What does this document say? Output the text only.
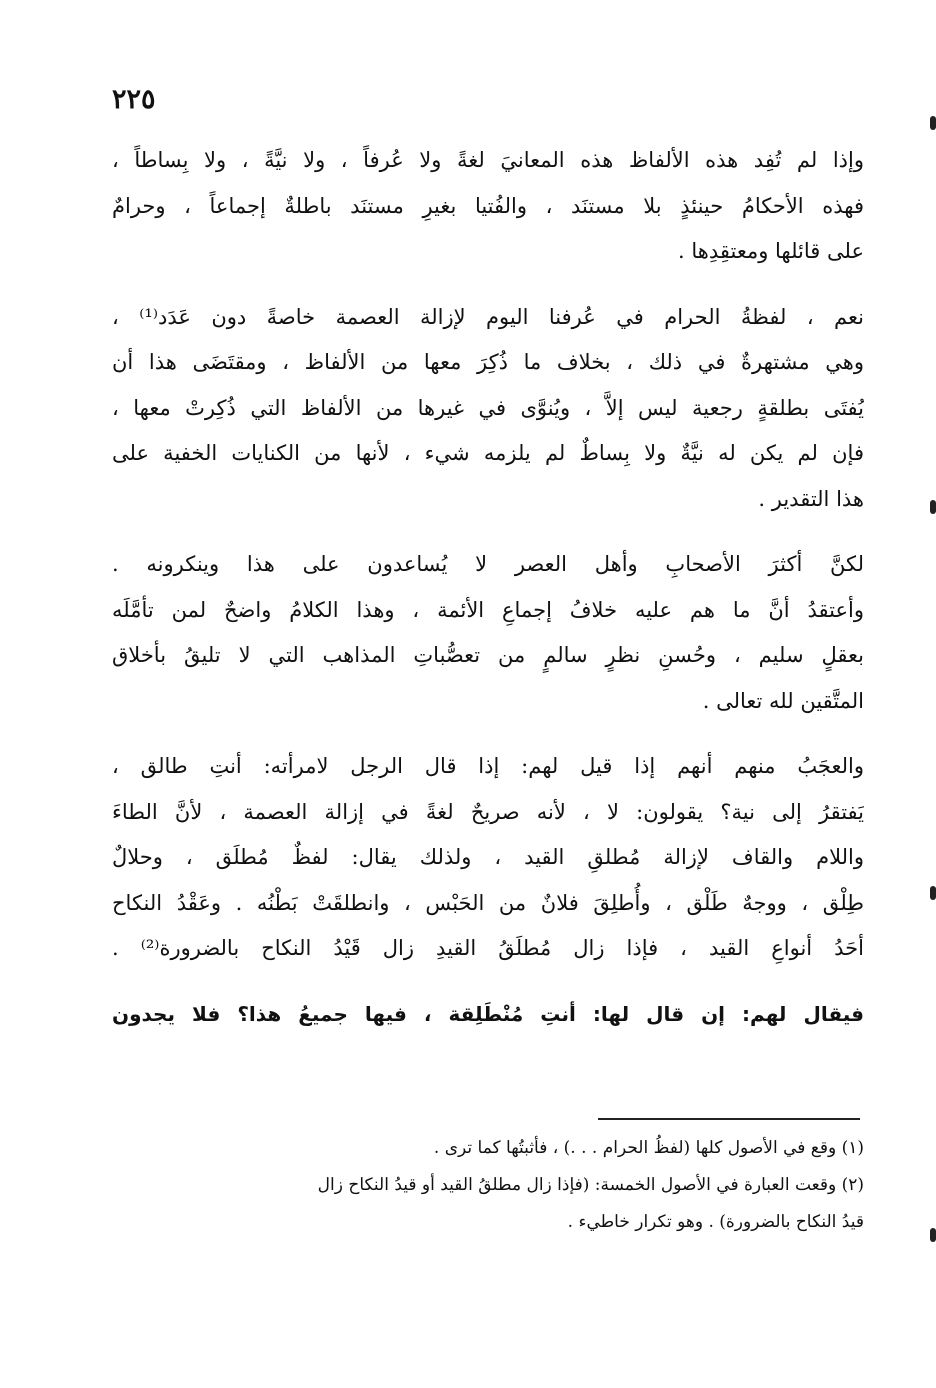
٢٢٥
وإذا لم تُفِد هذه الألفاظ هذه المعانيَ لغةً ولا عُرفاً ، ولا نيَّةً ، ولا بِساطاً ،
فهذه الأحكامُ حينئذٍ بلا مستنَد ، والفُتيا بغيرِ مستنَد باطلةٌ إجماعاً ، وحرامٌ
على قائلها ومعتقِدِها .
نعم ، لفظةُ الحرام في عُرفنا اليوم لإزالة العصمة خاصةً دون عَدَد⁽¹⁾ ،
وهي مشتهرةٌ في ذلك ، بخلاف ما ذُكِرَ معها من الألفاظ ، ومقتَضَى هذا أن
يُفتَى بطلقةٍ رجعية ليس إلاَّ ، ويُنوَّى في غيرها من الألفاظ التي ذُكِرتْ معها ،
فإن لم يكن له نيَّةٌ ولا بِساطٌ لم يلزمه شيء ، لأنها من الكنايات الخفية على
هذا التقدير .
لكنَّ أكثرَ الأصحابِ وأهل العصر لا يُساعدون على هذا وينكرونه .
وأعتقدُ أنَّ ما هم عليه خلافُ إجماعِ الأئمة ، وهذا الكلامُ واضحٌ لمن تأمَّلَه
بعقلٍ سليم ، وحُسنِ نظرٍ سالمٍ من تعصُّباتِ المذاهب التي لا تليقُ بأخلاق
المتَّقين لله تعالى .
والعجَبُ منهم أنهم إذا قيل لهم: إذا قال الرجل لامرأته: أنتِ طالق ،
يَفتقرُ إلى نية؟ يقولون: لا ، لأنه صريحٌ لغةً في إزالة العصمة ، لأنَّ الطاءَ
واللام والقاف لإزالة مُطلقِ القيد ، ولذلك يقال: لفظٌ مُطلَق ، وحلالٌ
طِلْق ، ووجهٌ طَلْق ، وأُطلِقَ فلانٌ من الحَبْس ، وانطلقَتْ بَطْنُه . وعَقْدُ النكاح
أحَدُ أنواعِ القيد ، فإذا زال مُطلَقُ القيدِ زال قَيْدُ النكاح بالضرورة⁽²⁾ .
فيقال لهم: إن قال لها: أنتِ مُنْطَلِقة ، فيها جميعُ هذا؟ فلا يجدون
(١) وقع في الأصول كلها (لفظُ الحرام . . .) ، فأثبتُها كما ترى .
(٢) وقعت العبارة في الأصول الخمسة: (فإذا زال مطلقُ القيد أو قيدُ النكاح زال
قيدُ النكاح بالضرورة) . وهو تكرار خاطيء .
